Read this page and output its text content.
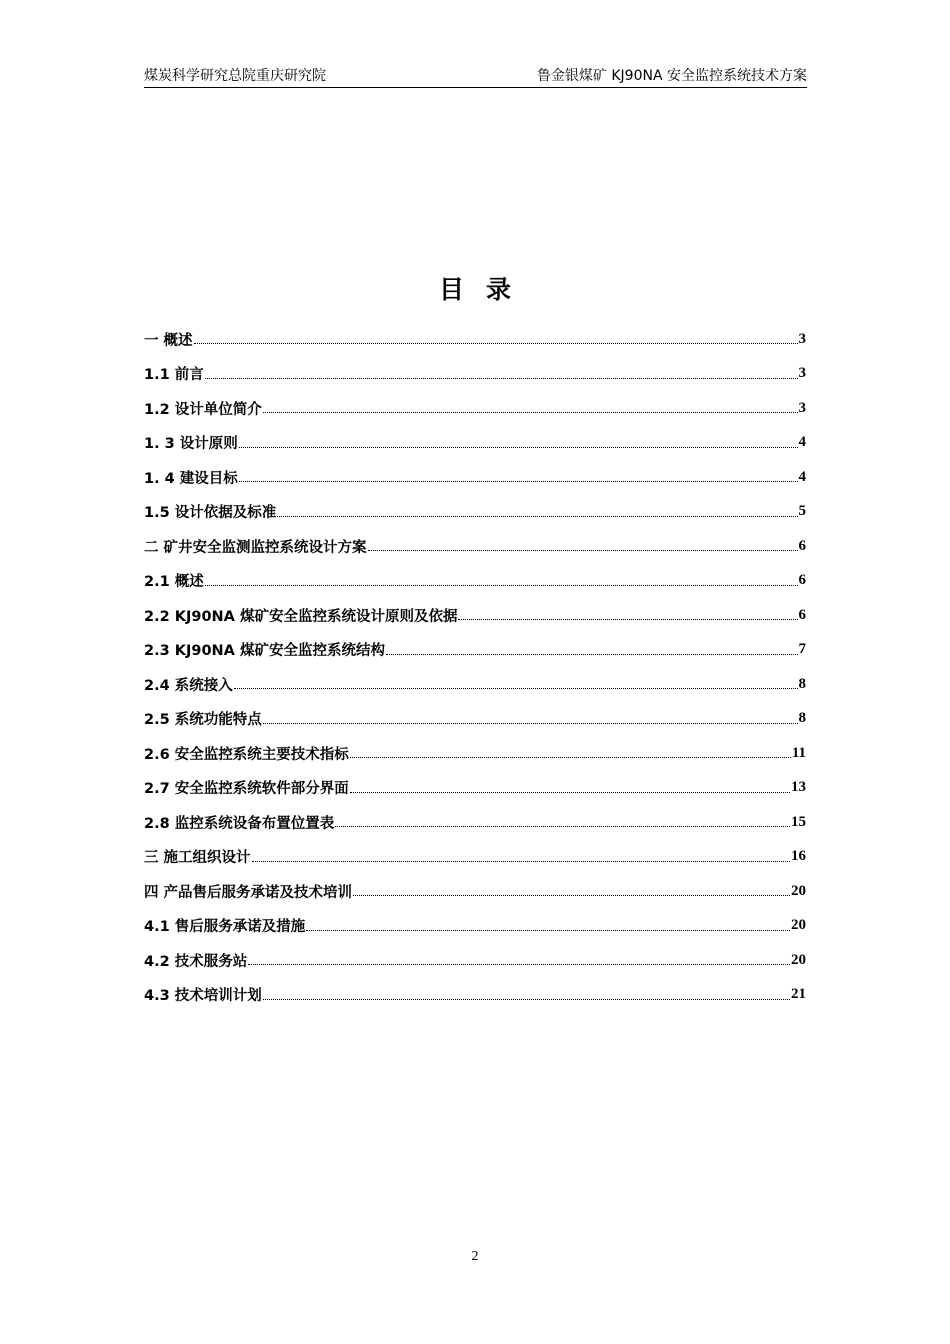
煤炭科学研究总院重庆研究院	鲁金银煤矿 KJ90NA 安全监控系统技术方案
目录
一 概述	3
1.1 前言	3
1.2 设计单位简介	3
1. 3 设计原则	4
1. 4 建设目标	4
1.5 设计依据及标准	5
二 矿井安全监测监控系统设计方案	6
2.1 概述	6
2.2 KJ90NA 煤矿安全监控系统设计原则及依据	6
2.3 KJ90NA 煤矿安全监控系统结构	7
2.4 系统接入	8
2.5 系统功能特点	8
2.6 安全监控系统主要技术指标	11
2.7 安全监控系统软件部分界面	13
2.8 监控系统设备布置位置表	15
三 施工组织设计	16
四 产品售后服务承诺及技术培训	20
4.1 售后服务承诺及措施	20
4.2 技术服务站	20
4.3 技术培训计划	21
2
